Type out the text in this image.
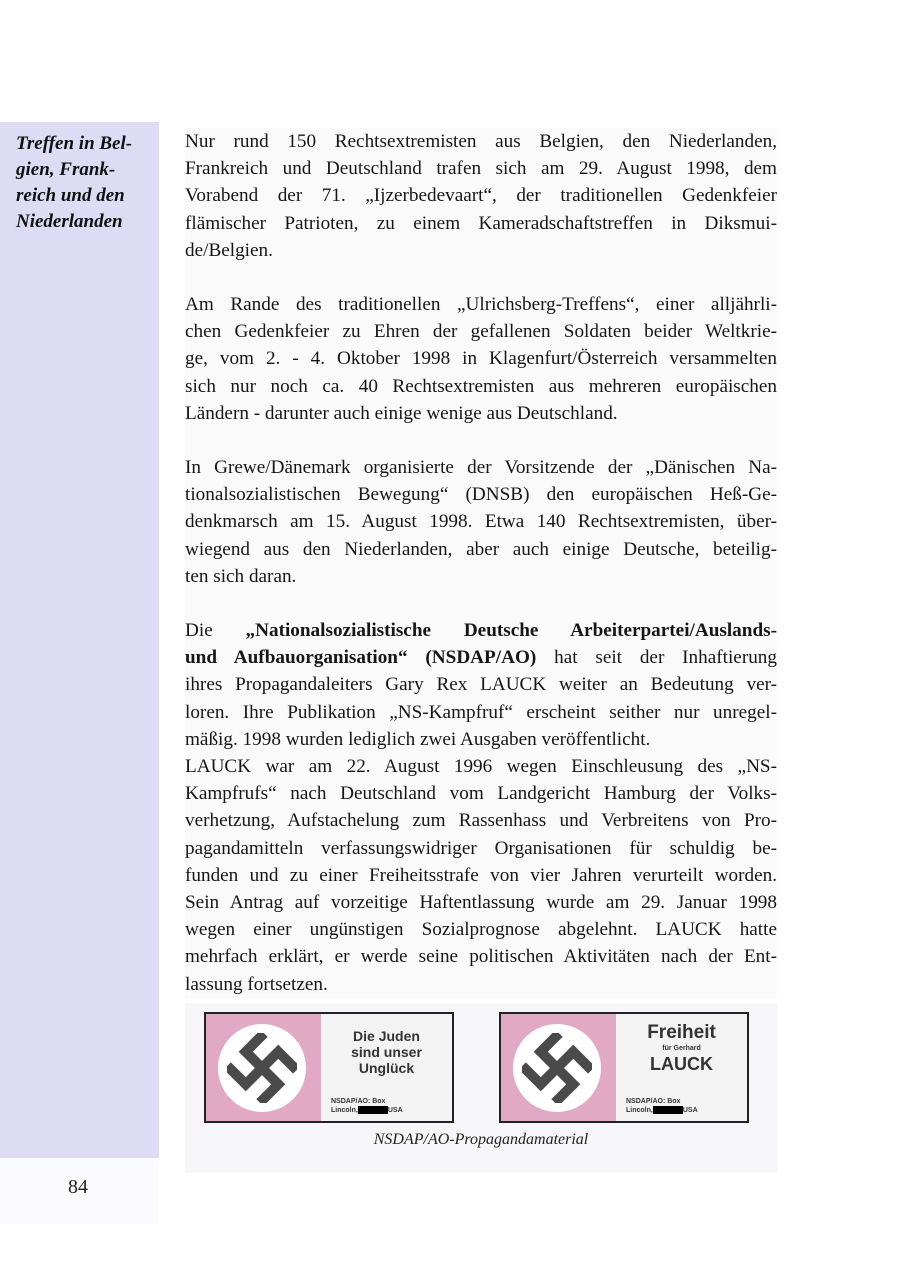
Treffen in Bel-
gien, Frank-
reich und den
Niederlanden
84

Nur rund 150 Rechtsextremisten aus Belgien, den Niederlanden,
Frankreich und Deutschland trafen sich am 29. August 1998, dem
Vorabend der 71. „Ijzerbedevaart“, der traditionellen Gedenkfeier
flämischer Patrioten, zu einem Kameradschaftstreffen in Diksmui-
de/Belgien.

Am Rande des traditionellen „Ulrichsberg-Treffens“, einer alljährli-
chen Gedenkfeier zu Ehren der gefallenen Soldaten beider Weltkrie-
ge, vom 2. - 4. Oktober 1998 in Klagenfurt/Österreich versammelten
sich nur noch ca. 40 Rechtsextremisten aus mehreren europäischen
Ländern - darunter auch einige wenige aus Deutschland.

In Grewe/Dänemark organisierte der Vorsitzende der „Dänischen Na-
tionalsozialistischen Bewegung“ (DNSB) den europäischen Heß-Ge-
denkmarsch am 15. August 1998. Etwa 140 Rechtsextremisten, über-
wiegend aus den Niederlanden, aber auch einige Deutsche, beteilig-
ten sich daran.

Die „Nationalsozialistische Deutsche Arbeiterpartei/Auslands-
und Aufbauorganisation“ (NSDAP/AO) hat seit der Inhaftierung
ihres Propagandaleiters Gary Rex LAUCK weiter an Bedeutung ver-
loren. Ihre Publikation „NS-Kampfruf“ erscheint seither nur unregel-
mäßig. 1998 wurden lediglich zwei Ausgaben veröffentlicht.

LAUCK war am 22. August 1996 wegen Einschleusung des „NS-
Kampfrufs“ nach Deutschland vom Landgericht Hamburg der Volks-
verhetzung, Aufstachelung zum Rassenhass und Verbreitens von Pro-
pagandamitteln verfassungswidriger Organisationen für schuldig be-
funden und zu einer Freiheitsstrafe von vier Jahren verurteilt worden.
Sein Antrag auf vorzeitige Haftentlassung wurde am 29. Januar 1998
wegen einer ungünstigen Sozialprognose abgelehnt. LAUCK hatte
mehrfach erklärt, er werde seine politischen Aktivitäten nach der Ent-
lassung fortsetzen.

Die Juden
sind unser
Unglück
NSDAP/AO: Box
Lincoln,	USA
Freiheit
für Gerhard
LAUCK
NSDAP/AO: Box
Lincoln,	USA
NSDAP/AO-Propagandamaterial
